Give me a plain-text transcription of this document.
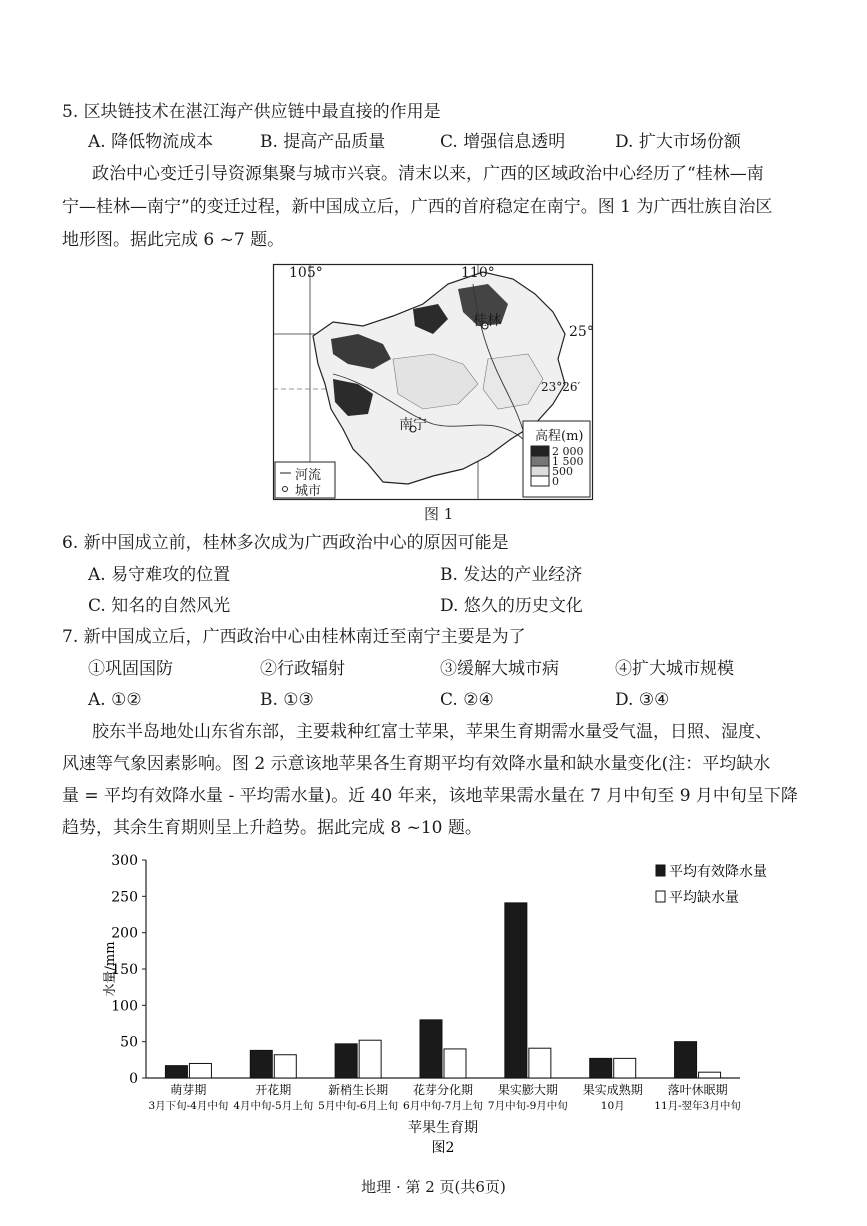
5. 区块链技术在湛江海产供应链中最直接的作用是
A. 降低物流成本	B. 提高产品质量	C. 增强信息透明	D. 扩大市场份额
政治中心变迁引导资源集聚与城市兴衰。清末以来，广西的区域政治中心经历了“桂林—南
宁—桂林—南宁”的变迁过程，新中国成立后，广西的首府稳定在南宁。图 1 为广西壮族自治区
地形图。据此完成 6 ~7 题。
105°	110°
25°
23°26′
桂林
南宁
高程(m)
2 000
1 500
500
0
河流
城市
图 1
6. 新中国成立前，桂林多次成为广西政治中心的原因可能是
A. 易守难攻的位置	B. 发达的产业经济
C. 知名的自然风光	D. 悠久的历史文化
7. 新中国成立后，广西政治中心由桂林南迁至南宁主要是为了
①巩固国防	②行政辐射	③缓解大城市病	④扩大城市规模
A. ①②	B. ①③	C. ②④	D. ③④
胶东半岛地处山东省东部，主要栽种红富士苹果，苹果生育期需水量受气温，日照、湿度、
风速等气象因素影响。图 2 示意该地苹果各生育期平均有效降水量和缺水量变化(注：平均缺水
量 = 平均有效降水量 - 平均需水量)。近 40 年来，该地苹果需水量在 7 月中旬至 9 月中旬呈下降
趋势，其余生育期则呈上升趋势。据此完成 8 ~10 题。
0
50
100
150
200
250
300
水量/mm
萌芽期
3月下旬-4月中旬
开花期
4月中旬-5月上旬
新梢生长期
5月中旬-6月上旬
花芽分化期
6月中旬-7月上旬
果实膨大期
7月中旬-9月中旬
果实成熟期
10月
落叶休眠期
11月-翌年3月中旬
苹果生育期
图2
平均有效降水量
平均缺水量
地理 · 第 2 页(共6页)
